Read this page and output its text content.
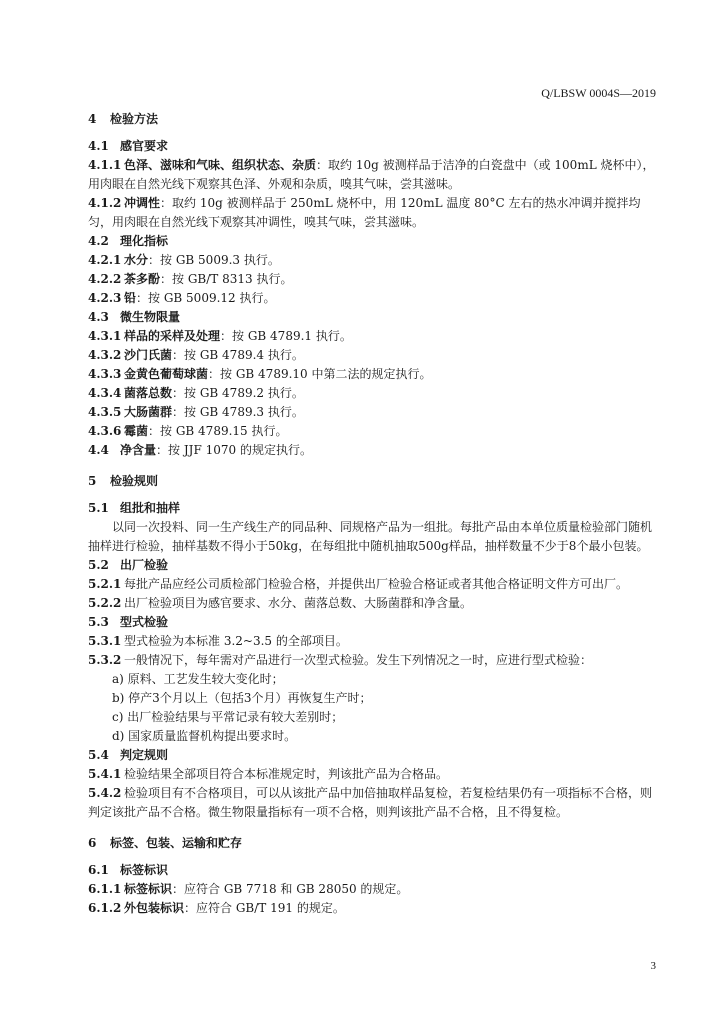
Q/LBSW 0004S—2019
4 检验方法
4.1 感官要求
4.1.1 色泽、滋味和气味、组织状态、杂质：取约 10g 被测样品于洁净的白瓷盘中（或 100mL 烧杯中），用肉眼在自然光线下观察其色泽、外观和杂质，嗅其气味，尝其滋味。
4.1.2 冲调性：取约 10g 被测样品于 250mL 烧杯中，用 120mL 温度 80°C 左右的热水冲调并搅拌均匀，用肉眼在自然光线下观察其冲调性，嗅其气味，尝其滋味。
4.2 理化指标
4.2.1 水分：按 GB 5009.3 执行。
4.2.2 茶多酚：按 GB/T 8313 执行。
4.2.3 铅：按 GB 5009.12 执行。
4.3 微生物限量
4.3.1 样品的采样及处理：按 GB 4789.1 执行。
4.3.2 沙门氏菌：按 GB 4789.4 执行。
4.3.3 金黄色葡萄球菌：按 GB 4789.10 中第二法的规定执行。
4.3.4 菌落总数：按 GB 4789.2 执行。
4.3.5 大肠菌群：按 GB 4789.3 执行。
4.3.6 霉菌：按 GB 4789.15 执行。
4.4 净含量：按 JJF 1070 的规定执行。
5 检验规则
5.1 组批和抽样
以同一次投料、同一生产线生产的同品种、同规格产品为一组批。每批产品由本单位质量检验部门随机抽样进行检验，抽样基数不得小于50kg，在每组批中随机抽取500g样品，抽样数量不少于8个最小包装。
5.2 出厂检验
5.2.1 每批产品应经公司质检部门检验合格，并提供出厂检验合格证或者其他合格证明文件方可出厂。
5.2.2 出厂检验项目为感官要求、水分、菌落总数、大肠菌群和净含量。
5.3 型式检验
5.3.1 型式检验为本标准 3.2~3.5 的全部项目。
5.3.2 一般情况下，每年需对产品进行一次型式检验。发生下列情况之一时，应进行型式检验：
a) 原料、工艺发生较大变化时；
b) 停产3个月以上（包括3个月）再恢复生产时；
c) 出厂检验结果与平常记录有较大差别时；
d) 国家质量监督机构提出要求时。
5.4 判定规则
5.4.1 检验结果全部项目符合本标准规定时，判该批产品为合格品。
5.4.2 检验项目有不合格项目，可以从该批产品中加倍抽取样品复检，若复检结果仍有一项指标不合格，则判定该批产品不合格。微生物限量指标有一项不合格，则判该批产品不合格，且不得复检。
6 标签、包装、运输和贮存
6.1 标签标识
6.1.1 标签标识：应符合 GB 7718 和 GB 28050 的规定。
6.1.2 外包装标识：应符合 GB/T 191 的规定。
3
